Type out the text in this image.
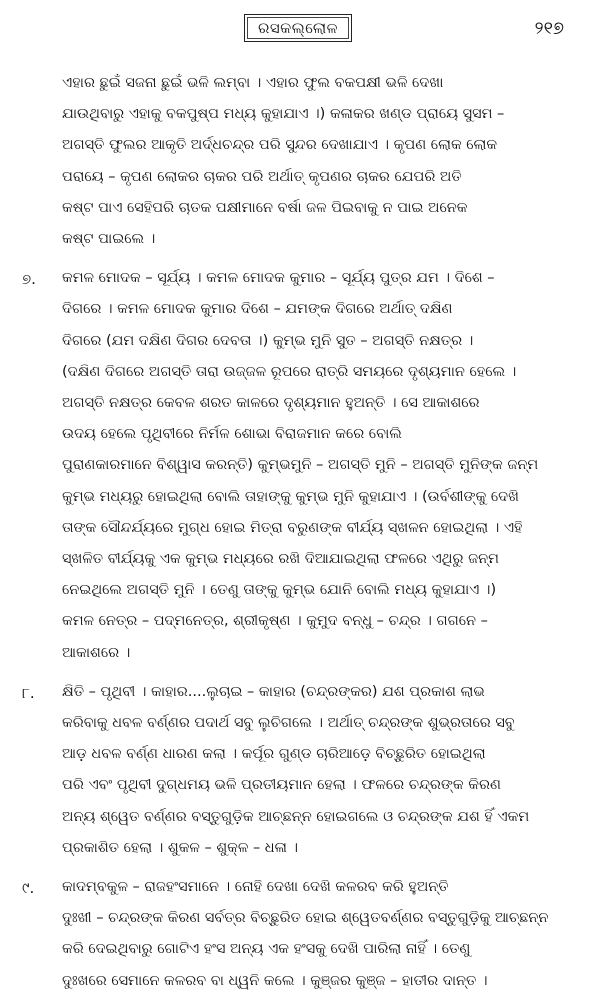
ରସକଲ୍ଲୋଳ	୨୧୭
ଏହାର ଛୁଇଁ ସଜନା ଛୁଇଁ ଭଳି ଲମ୍ବା । ଏହାର ଫୁଲ ବକପକ୍ଷୀ ଭଳି ଦେଖା
ଯାଉଥିବାରୁ ଏହାକୁ ବକପୁଷ୍ପ ମଧ୍ୟ କୁହାଯାଏ ।) କଳାକର ଖଣ୍ଡ ପ୍ରାୟେ ସୁସମ –
ଅଗସ୍ତି ଫୁଲର ଆକୃତି ଅର୍ଦ୍ଧଚନ୍ଦ୍ର ପରି ସୁନ୍ଦର ଦେଖାଯାଏ । କୃପଣ ଲୋକ ଲୋକ
ପରାୟେ – କୃପଣ ଲୋକର ଚାକର ପରି ଅର୍ଥାତ୍ କୃପଣର ଚାକର ଯେପରି ଅତି
କଷ୍ଟ ପାଏ ସେହିପରି ଚାତକ ପକ୍ଷୀମାନେ ବର୍ଷା ଜଳ ପିଇବାକୁ ନ ପାଇ ଅନେକ
କଷ୍ଟ ପାଇଲେ ।
୭. କମଳ ମୋଦକ – ସୂର୍ଯ୍ୟ । କମଳ ମୋଦକ କୁମାର – ସୂର୍ଯ୍ୟ ପୁତ୍ର ଯମ । ଦିଶେ –
ଦିଗରେ । କମଳ ମୋଦକ କୁମାର ଦିଶେ – ଯମଙ୍କ ଦିଗରେ ଅର୍ଥାତ୍ ଦକ୍ଷିଣ
ଦିଗରେ (ଯମ ଦକ୍ଷିଣ ଦିଗର ଦେବତା ।) କୁମ୍ଭ ମୁନି ସୁତ – ଅଗସ୍ତି ନକ୍ଷତ୍ର ।
(ଦକ୍ଷିଣ ଦିଗରେ ଅଗସ୍ତି ତାରା ଉଜ୍ଜଳ ରୂପରେ ରାତ୍ରି ସମୟରେ ଦୃଶ୍ୟମାନ ହେଲେ ।
ଅଗସ୍ତି ନକ୍ଷତ୍ର କେବଳ ଶରତ କାଳରେ ଦୃଶ୍ୟମାନ ହୁଅନ୍ତି । ସେ ଆକାଶରେ
ଉଦୟ ହେଲେ ପୃଥିବୀରେ ନିର୍ମଳ ଶୋଭା ବିରାଜମାନ କରେ ବୋଲି
ପୁରାଣକାରମାନେ ବିଶ୍ୱାସ କରନ୍ତି) କୁମ୍ଭମୁନି – ଅଗସ୍ତି ମୁନି – ଅଗସ୍ତି ମୁନିଙ୍କ ଜନ୍ମ
କୁମ୍ଭ ମଧ୍ୟରୁ ହୋଇଥିଲା ବୋଲି ତାହାଙ୍କୁ କୁମ୍ଭ ମୁନି କୁହାଯାଏ । (ଉର୍ବଶୀଙ୍କୁ ଦେଖି
ତାଙ୍କ ସୌନ୍ଦର୍ଯ୍ୟରେ ମୁଗ୍ଧ ହୋଇ ମିତ୍ରା ବରୁଣଙ୍କ ବୀର୍ଯ୍ୟ ସ୍ଖଳନ ହୋଇଥିଲା । ଏହି
ସ୍ଖଳିତ ବୀର୍ଯ୍ୟକୁ ଏକ କୁମ୍ଭ ମଧ୍ୟରେ ରଖି ଦିଆଯାଇଥିଲା ଫଳରେ ଏଥିରୁ ଜନ୍ମ
ନେଇଥିଲେ ଅଗସ୍ତି ମୁନି । ତେଣୁ ତାଙ୍କୁ କୁମ୍ଭ ଯୋନି ବୋଲି ମଧ୍ୟ କୁହାଯାଏ ।)
କମଳ ନେତ୍ର – ପଦ୍ମନେତ୍ର, ଶ୍ରୀକୃଷ୍ଣ । କୁମୁଦ ବନ୍ଧୁ – ଚନ୍ଦ୍ର । ଗଗନେ –
ଆକାଶରେ ।
୮. କ୍ଷିତି – ପୃଥିବୀ । କାହାର....ଲୁଚାଇ – କାହାର (ଚନ୍ଦ୍ରଙ୍କର) ଯଶ ପ୍ରକାଶ ଲାଭ
କରିବାକୁ ଧବଳ ବର୍ଣ୍ଣର ପଦାର୍ଥ ସବୁ ଲୁଚିଗଲେ । ଅର୍ଥାତ୍ ଚନ୍ଦ୍ରଙ୍କ ଶୁଭ୍ରତାରେ ସବୁ
ଆଡ଼ ଧବଳ ବର୍ଣ୍ଣ ଧାରଣ କଲା । କର୍ପୂର ଗୁଣ୍ଡ ଚାରିଆଡ଼େ ବିଚ୍ଛୁରିତ ହୋଇଥିଲା
ପରି ଏବଂ ପୃଥିବୀ ଦୁଗ୍ଧମୟ ଭଳି ପ୍ରତୀୟମାନ ହେଲା । ଫଳରେ ଚନ୍ଦ୍ରଙ୍କ କିରଣ
ଅନ୍ୟ ଶ୍ୱେତ ବର୍ଣ୍ଣର ବସ୍ତୁଗୁଡ଼ିକ ଆଚ୍ଛନ୍ନ ହୋଇଗଲେ ଓ ଚନ୍ଦ୍ରଙ୍କ ଯଶ ହିଁ ଏକମ
ପ୍ରକାଶିତ ହେଲା । ଶୁକଳ – ଶୁକ୍ଳ – ଧଳା ।
୯. କାଦମ୍ବକୁଳ – ରାଜହଂସମାନେ । ନୋହି ଦେଖା ଦେଖି କଳରବ କରି ହୁଅନ୍ତି
ଦୁଃଖୀ – ଚନ୍ଦ୍ରଙ୍କ କିରଣ ସର୍ବତ୍ର ବିଚ୍ଛୁରିତ ହୋଇ ଶ୍ୱେତବର୍ଣ୍ଣର ବସ୍ତୁଗୁଡ଼ିକୁ ଆଚ୍ଛନ୍ନ
କରି ଦେଇଥିବାରୁ ଗୋଟିଏ ହଂସ ଅନ୍ୟ ଏକ ହଂସକୁ ଦେଖି ପାରିଲା ନାହିଁ । ତେଣୁ
ଦୁଃଖରେ ସେମାନେ କଳରବ ବା ଧ୍ୱନି କଲେ । କୁଞ୍ଜର କୁଞ୍ଜ – ହାତୀର ଦାନ୍ତ ।
